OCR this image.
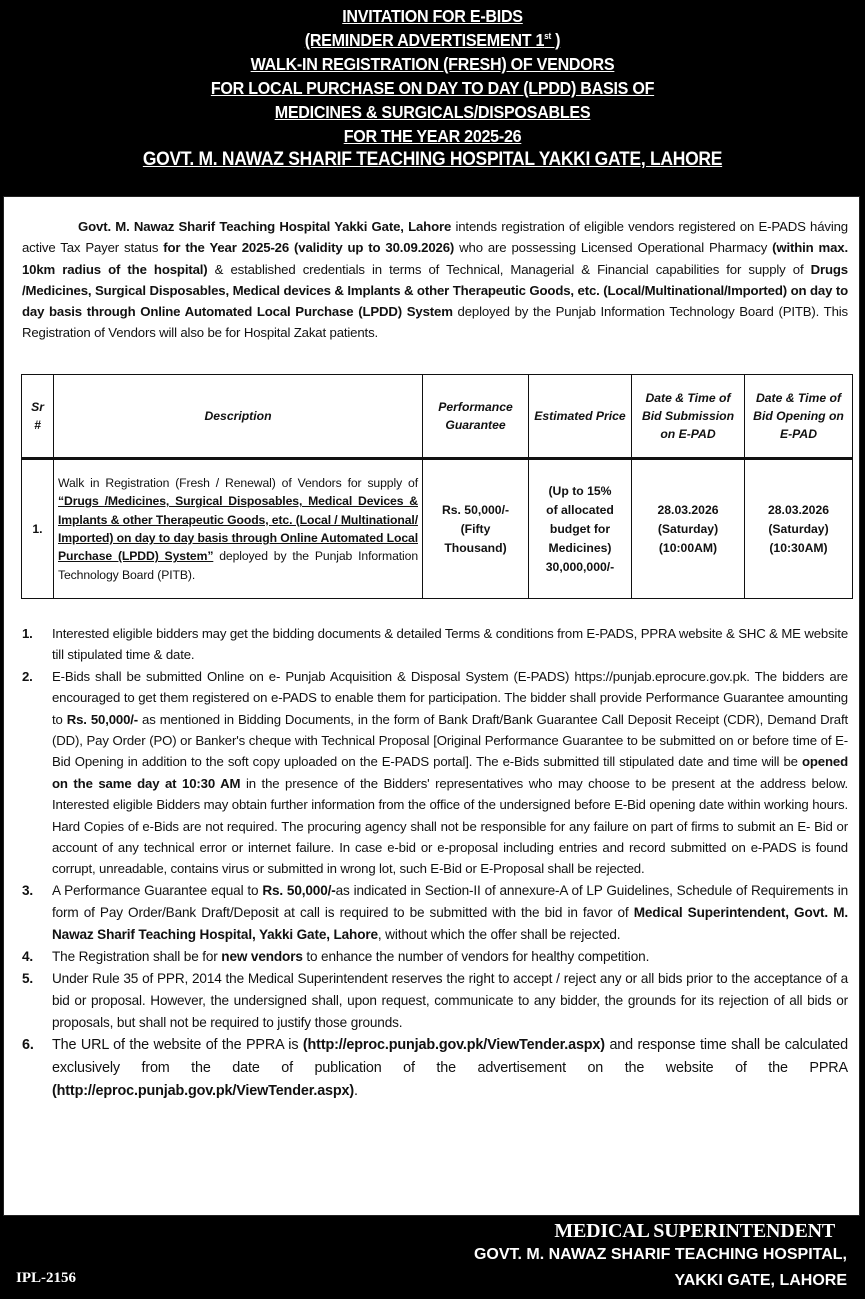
INVITATION FOR E-BIDS
(REMINDER ADVERTISEMENT 1st )
WALK-IN REGISTRATION (FRESH) OF VENDORS
FOR LOCAL PURCHASE ON DAY TO DAY (LPDD) BASIS OF
MEDICINES & SURGICALS/DISPOSABLES
FOR THE YEAR 2025-26
GOVT. M. NAWAZ SHARIF TEACHING HOSPITAL YAKKI GATE, LAHORE

Govt. M. Nawaz Sharif Teaching Hospital Yakki Gate, Lahore intends registration of eligible vendors registered on E-PADS háving active Tax Payer status for the Year 2025-26 (validity up to 30.09.2026) who are possessing Licensed Operational Pharmacy (within max. 10km radius of the hospital) & established credentials in terms of Technical, Managerial & Financial capabilities for supply of Drugs /Medicines, Surgical Disposables, Medical devices & Implants & other Therapeutic Goods, etc. (Local/Multinational/Imported) on day to day basis through Online Automated Local Purchase (LPDD) System deployed by the Punjab Information Technology Board (PITB). This Registration of Vendors will also be for Hospital Zakat patients.

Sr #	Description	Performance Guarantee	Estimated Price	Date & Time of Bid Submission on E-PAD	Date & Time of Bid Opening on E-PAD
1.	Walk in Registration (Fresh / Renewal) of Vendors for supply of “Drugs /Medicines, Surgical Disposables, Medical Devices & Implants & other Therapeutic Goods, etc. (Local / Multinational/ Imported) on day to day basis through Online Automated Local Purchase (LPDD) System” deployed by the Punjab Information Technology Board (PITB).	Rs. 50,000/-
(Fifty
Thousand)	(Up to 15%
of allocated
budget for
Medicines)
30,000,000/-	28.03.2026
(Saturday)
(10:00AM)	28.03.2026
(Saturday)
(10:30AM)
1.	Interested eligible bidders may get the bidding documents & detailed Terms & conditions from E-PADS, PPRA website & SHC & ME website till stipulated time & date.
2.	E-Bids shall be submitted Online on e- Punjab Acquisition & Disposal System (E-PADS) https://punjab.eprocure.gov.pk. The bidders are encouraged to get them registered on e-PADS to enable them for participation. The bidder shall provide Performance Guarantee amounting to Rs. 50,000/- as mentioned in Bidding Documents, in the form of Bank Draft/Bank Guarantee Call Deposit Receipt (CDR), Demand Draft (DD), Pay Order (PO) or Banker's cheque with Technical Proposal [Original Performance Guarantee to be submitted on or before time of E-Bid Opening in addition to the soft copy uploaded on the E-PADS portal]. The e-Bids submitted till stipulated date and time will be opened on the same day at 10:30 AM in the presence of the Bidders' representatives who may choose to be present at the address below. Interested eligible Bidders may obtain further information from the office of the undersigned before E-Bid opening date within working hours. Hard Copies of e-Bids are not required. The procuring agency shall not be responsible for any failure on part of firms to submit an E- Bid or account of any technical error or internet failure. In case e-bid or e-proposal including entries and record submitted on e-PADS is found corrupt, unreadable, contains virus or submitted in wrong lot, such E-Bid or E-Proposal shall be rejected.
3.	A Performance Guarantee equal to Rs. 50,000/-as indicated in Section-II of annexure-A of LP Guidelines, Schedule of Requirements in form of Pay Order/Bank Draft/Deposit at call is required to be submitted with the bid in favor of Medical Superintendent, Govt. M. Nawaz Sharif Teaching Hospital, Yakki Gate, Lahore, without which the offer shall be rejected.
4.	The Registration shall be for new vendors to enhance the number of vendors for healthy competition.
5.	Under Rule 35 of PPR, 2014 the Medical Superintendent reserves the right to accept / reject any or all bids prior to the acceptance of a bid or proposal. However, the undersigned shall, upon request, communicate to any bidder, the grounds for its rejection of all bids or proposals, but shall not be required to justify those grounds.
6.	The URL of the website of the PPRA is (http://eproc.punjab.gov.pk/ViewTender.aspx) and response time shall be calculated exclusively from the date of publication of the advertisement on the website of the PPRA (http://eproc.punjab.gov.pk/ViewTender.aspx).
MEDICAL SUPERINTENDENT
GOVT. M. NAWAZ SHARIF TEACHING HOSPITAL,
YAKKI GATE, LAHORE
IPL-2156
